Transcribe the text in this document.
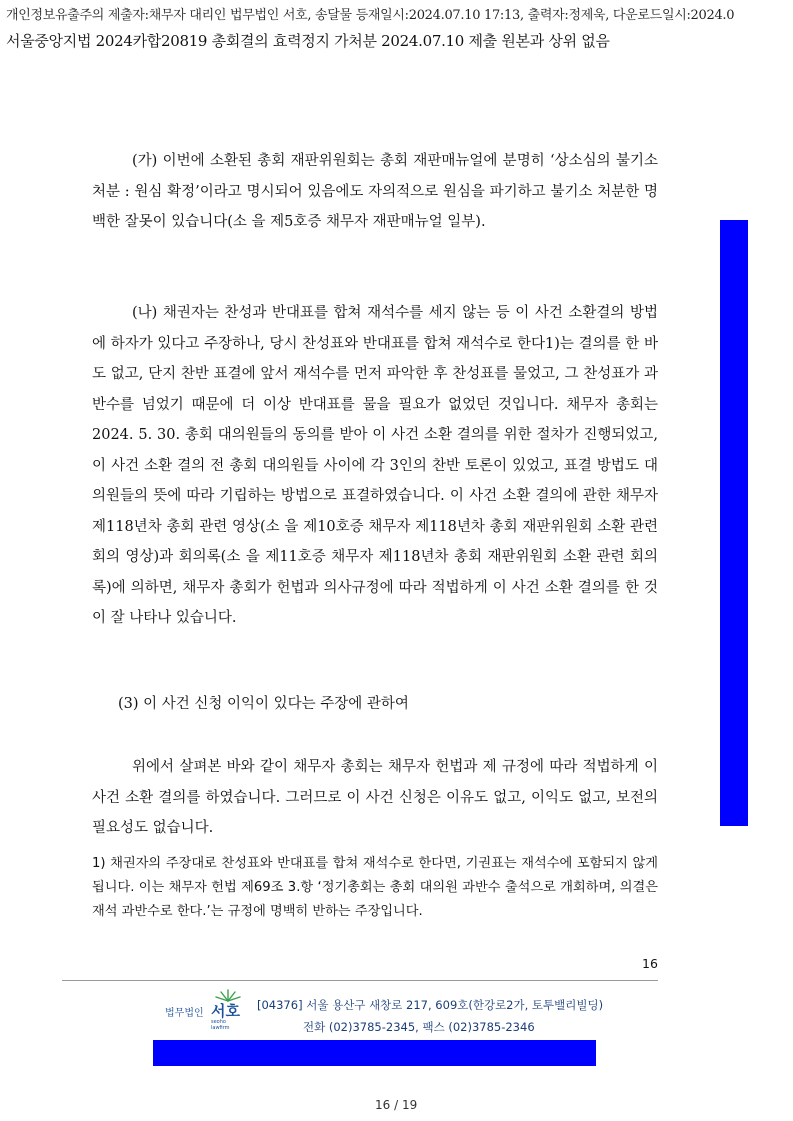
개인정보유출주의 제출자:채무자 대리인 법무법인 서호, 송달물 등재일시:2024.07.10 17:13, 출력자:정제욱, 다운로드일시:2024.0
서울중앙지법 2024카합20819 총회결의 효력정지 가처분 2024.07.10 제출 원본과 상위 없음
(가) 이번에 소환된 총회 재판위원회는 총회 재판매뉴얼에 분명히 ‘상소심의 불기소 처분 : 원심 확정’이라고 명시되어 있음에도 자의적으로 원심을 파기하고 불기소 처분한 명백한 잘못이 있습니다(소 을 제5호증 채무자 재판매뉴얼 일부).
(나) 채권자는 찬성과 반대표를 합쳐 재석수를 세지 않는 등 이 사건 소환결의 방법에 하자가 있다고 주장하나, 당시 찬성표와 반대표를 합쳐 재석수로 한다1)는 결의를 한 바도 없고, 단지 찬반 표결에 앞서 재석수를 먼저 파악한 후 찬성표를 물었고, 그 찬성표가 과반수를 넘었기 때문에 더 이상 반대표를 물을 필요가 없었던 것입니다. 채무자 총회는 2024. 5. 30. 총회 대의원들의 동의를 받아 이 사건 소환 결의를 위한 절차가 진행되었고, 이 사건 소환 결의 전 총회 대의원들 사이에 각 3인의 찬반 토론이 있었고, 표결 방법도 대의원들의 뜻에 따라 기립하는 방법으로 표결하였습니다. 이 사건 소환 결의에 관한 채무자 제118년차 총회 관련 영상(소 을 제10호증 채무자 제118년차 총회 재판위원회 소환 관련 회의 영상)과 회의록(소 을 제11호증 채무자 제118년차 총회 재판위원회 소환 관련 회의록)에 의하면, 채무자 총회가 헌법과 의사규정에 따라 적법하게 이 사건 소환 결의를 한 것이 잘 나타나 있습니다.
(3) 이 사건 신청 이익이 있다는 주장에 관하여
위에서 살펴본 바와 같이 채무자 총회는 채무자 헌법과 제 규정에 따라 적법하게 이 사건 소환 결의를 하였습니다. 그러므로 이 사건 신청은 이유도 없고, 이익도 없고, 보전의 필요성도 없습니다.
1) 채권자의 주장대로 찬성표와 반대표를 합쳐 재석수로 한다면, 기권표는 재석수에 포함되지 않게 됩니다. 이는 채무자 헌법 제69조 3.항 ‘정기총회는 총회 대의원 과반수 출석으로 개회하며, 의결은 재석 과반수로 한다.’는 규정에 명백히 반하는 주장입니다.
16
법무법인 서호
seoho lawfirm
[04376] 서울 용산구 새창로 217, 609호(한강로2가, 토투밸리빌딩)
전화 (02)3785-2345, 팩스 (02)3785-2346
16 / 19
